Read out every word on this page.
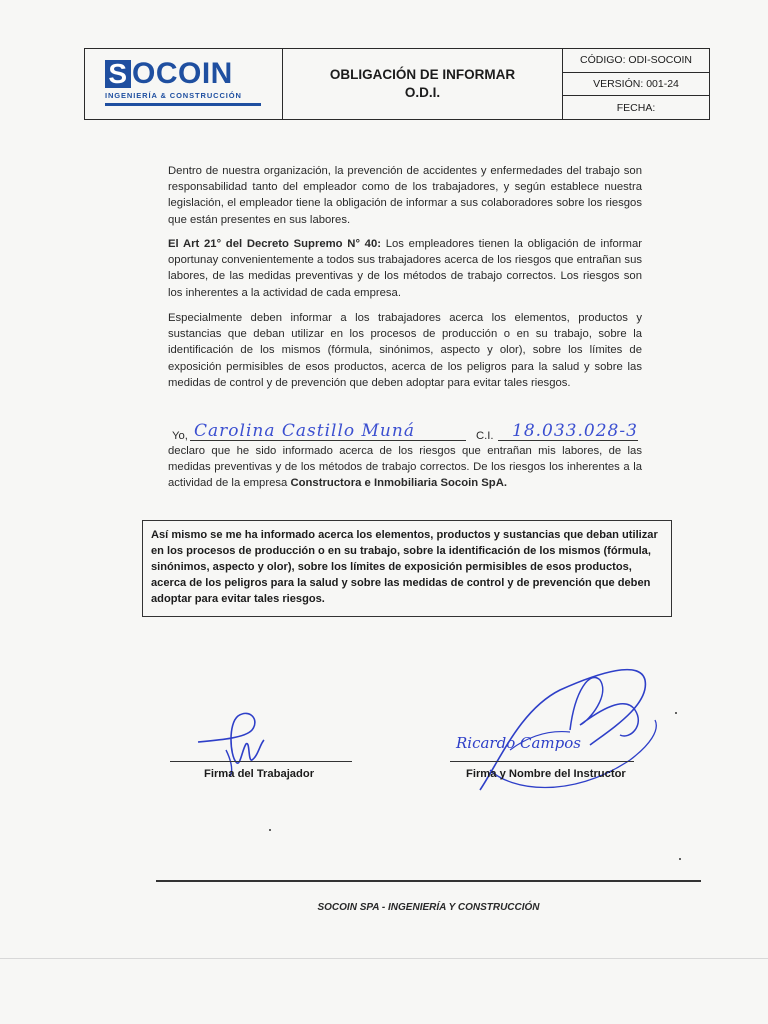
S OCOIN
INGENIERÍA & CONSTRUCCIÓN
OBLIGACIÓN DE INFORMAR
O.D.I.
CÓDIGO: ODI-SOCOIN
VERSIÓN: 001-24
FECHA:

Dentro de nuestra organización, la prevención de accidentes y enfermedades del trabajo son responsabilidad tanto del empleador como de los trabajadores, y según establece nuestra legislación, el empleador tiene la obligación de informar a sus colaboradores sobre los riesgos que están presentes en sus labores.

El Art 21° del Decreto Supremo N° 40: Los empleadores tienen la obligación de informar oportunay convenientemente a todos sus trabajadores acerca de los riesgos que entrañan sus labores, de las medidas preventivas y de los métodos de trabajo correctos. Los riesgos son los inherentes a la actividad de cada empresa.

Especialmente deben informar a los trabajadores acerca los elementos, productos y sustancias que deban utilizar en los procesos de producción o en su trabajo, sobre la identificación de los mismos (fórmula, sinónimos, aspecto y olor), sobre los límites de exposición permisibles de esos productos, acerca de los peligros para la salud y sobre las medidas de control y de prevención que deben adoptar para evitar tales riesgos.

Yo, Carolina Castillo Muná	C.I. 18.033.028-3

declaro que he sido informado acerca de los riesgos que entrañan mis labores, de las medidas preventivas y de los métodos de trabajo correctos. De los riesgos los inherentes a la actividad de la empresa Constructora e Inmobiliaria Socoin SpA.

Así mismo se me ha informado acerca los elementos, productos y sustancias que deban utilizar en los procesos de producción o en su trabajo, sobre la identificación de los mismos (fórmula, sinónimos, aspecto y olor), sobre los límites de exposición permisibles de esos productos, acerca de los peligros para la salud y sobre las medidas de control y de prevención que deben adoptar para evitar tales riesgos.

Firma del Trabajador
Ricardo Campos
Firma y Nombre del Instructor
SOCOIN SPA - INGENIERÍA Y CONSTRUCCIÓN
